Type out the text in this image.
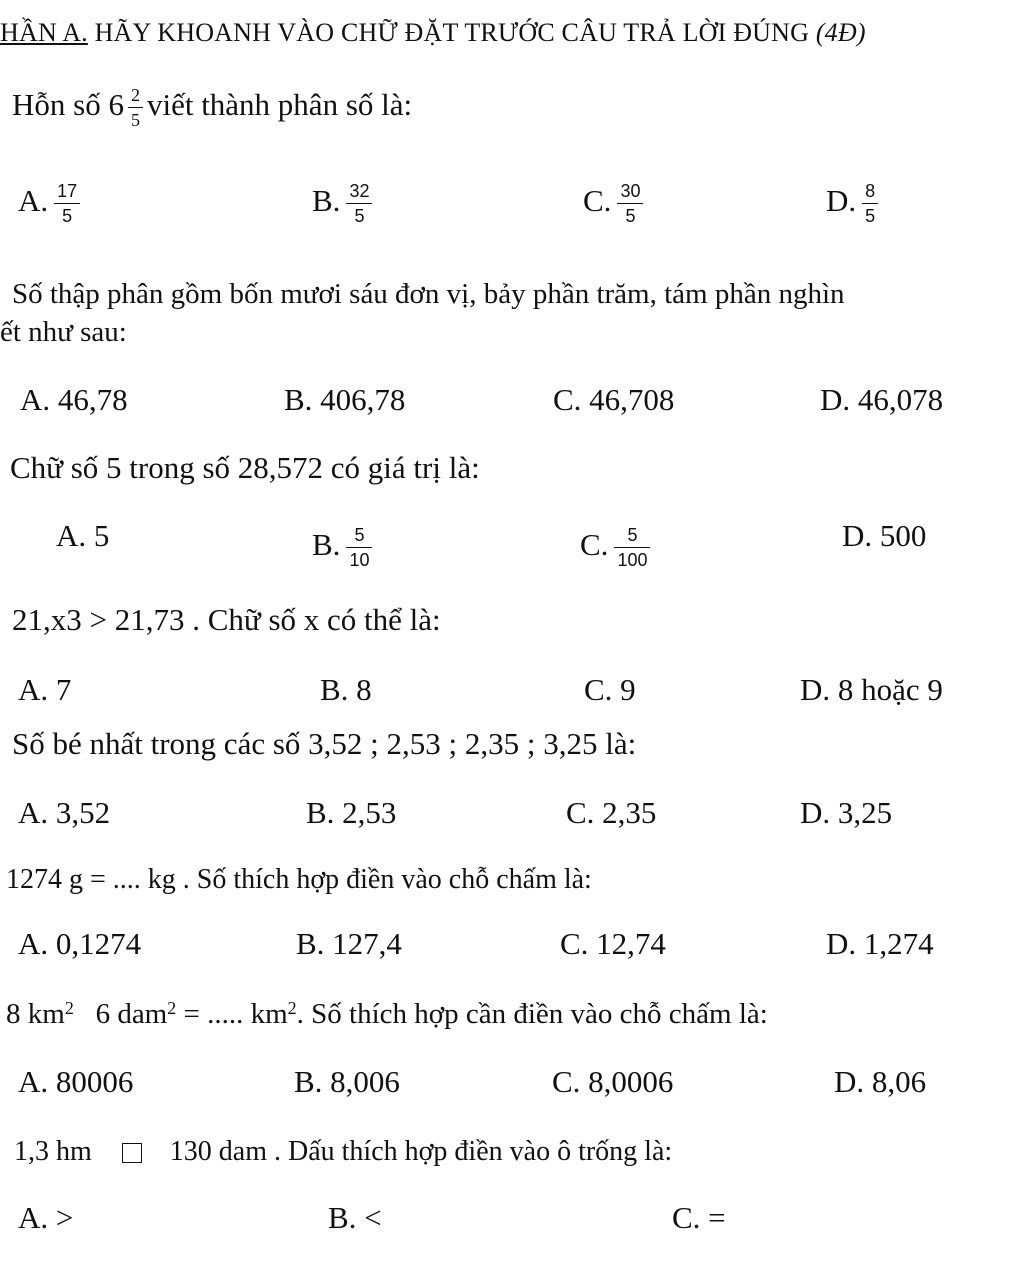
HẦN A. HÃY KHOANH VÀO CHỮ ĐẶT TRƯỚC CÂU TRẢ LỜI ĐÚNG (4Đ)
Hỗn số $6 \frac{2}{5}$ viết thành phân số là:
A. $\frac{17}{5}$	B. $\frac{32}{5}$	C. $\frac{30}{5}$	D. $\frac{8}{5}$
Số thập phân gồm bốn mươi sáu đơn vị, bảy phần trăm, tám phần nghìn
ết như sau:
A. 46,78	B. 406,78	C. 46,708	D. 46,078
Chữ số 5 trong số 28,572 có giá trị là:
A. 5	B. $\frac{5}{10}$	C. $\frac{5}{100}$	D. 500
21,x3 > 21,73 . Chữ số x có thể là:
A. 7	B. 8	C. 9	D. 8 hoặc 9
Số bé nhất trong các số 3,52 ; 2,53 ; 2,35 ; 3,25 là:
A. 3,52	B. 2,53	C. 2,35	D. 3,25
1274 g = .... kg . Số thích hợp điền vào chỗ chấm là:
A. 0,1274	B. 127,4	C. 12,74	D. 1,274
8 $km^2$ 6 dam$^2$ = ..... $km^2$. Số thích hợp cần điền vào chỗ chấm là:
A. 80006	B. 8,006	C. 8,0006	D. 8,06
1,3 hm	130 dam . Dấu thích hợp điền vào ô trống là:
A. >	B. <	C. =
